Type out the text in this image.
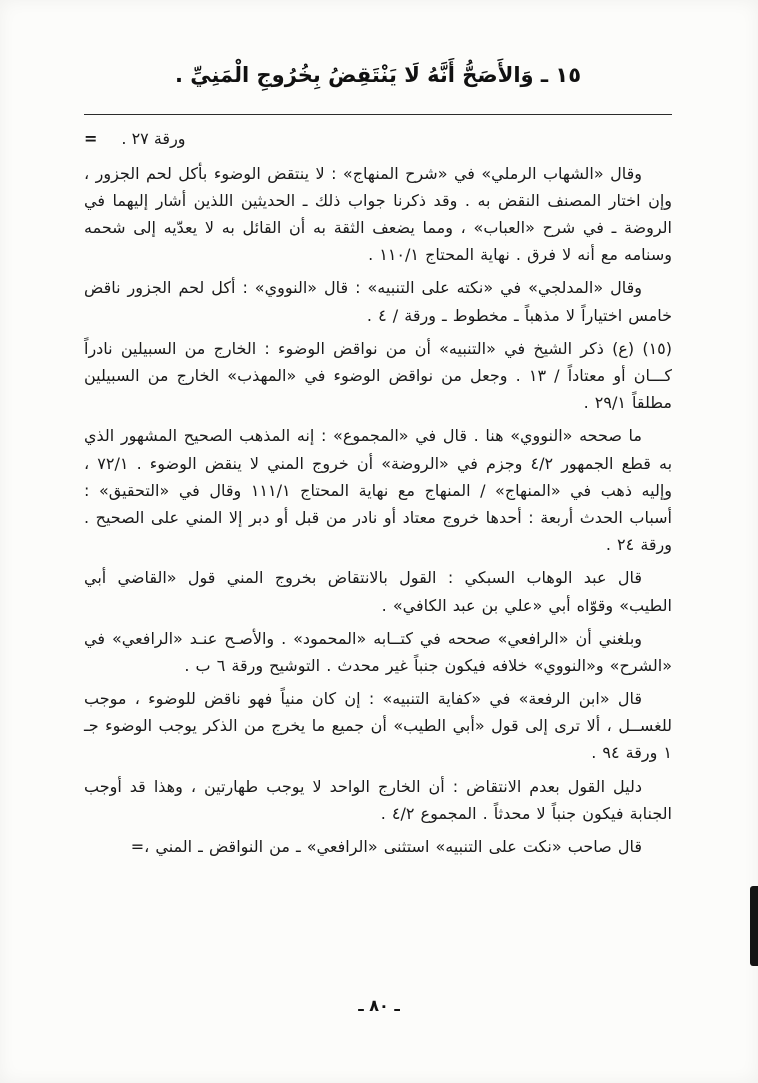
١٥ ـ وَالأَصَحُّ أَنَّهُ لَا يَنْتَقِضُ بِخُرُوجِ الْمَنِيِّ .
= ورقة ٢٧ .

وقال «الشهاب الرملي» في «شرح المنهاج» : لا ينتقض الوضوء بأكل لحم الجزور ، وإن اختار المصنف النقض به . وقد ذكرنا جواب ذلك ـ الحديثين اللذين أشار إليهما في الروضة ـ في شرح «العباب» ، ومما يضعف الثقة به أن القائل به لا يعدّيه إلى شحمه وسنامه مع أنه لا فرق . نهاية المحتاج ١١٠/١ .

وقال «المدلجي» في «نكته على التنبيه» : قال «النووي» : أكل لحم الجزور ناقض خامس اختياراً لا مذهباً ـ مخطوط ـ ورقة / ٤ .

(١٥) (ع) ذكر الشيخ في «التنبيه» أن من نواقض الوضوء : الخارج من السبيلين نادراً كـــان أو معتاداً / ١٣ . وجعل من نواقض الوضوء في «المهذب» الخارج من السبيلين مطلقاً ٢٩/١ .

ما صححه «النووي» هنا . قال في «المجموع» : إنه المذهب الصحيح المشهور الذي به قطع الجمهور ٤/٢ وجزم في «الروضة» أن خروج المني لا ينقض الوضوء . ٧٢/١ ، وإليه ذهب في «المنهاج» / المنهاج مع نهاية المحتاج ١١١/١ وقال في «التحقيق» : أسباب الحدث أربعة : أحدها خروج معتاد أو نادر من قبل أو دبر إلا المني على الصحيح . ورقة ٢٤ .

قال عبد الوهاب السبكي : القول بالانتقاض بخروج المني قول «القاضي أبي الطيب» وقوّاه أبي «علي بن عبد الكافي» .

وبلغني أن «الرافعي» صححه في كتــابه «المحمود» . والأصـح عنـد «الرافعي» في «الشرح» و«النووي» خلافه فيكون جنباً غير محدث . التوشيح ورقة ٦ ب .

قال «ابن الرفعة» في «كفاية التنبيه» : إن كان منياً فهو ناقض للوضوء ، موجب للغســل ، ألا ترى إلى قول «أبي الطيب» أن جميع ما يخرج من الذكر يوجب الوضوء جـ ١ ورقة ٩٤ .

دليل القول بعدم الانتقاض : أن الخارج الواحد لا يوجب طهارتين ، وهذا قد أوجب الجنابة فيكون جنباً لا محدثاً . المجموع ٤/٢ .

قال صاحب «نكت على التنبيه» استثنى «الرافعي» ـ من النواقض ـ المني ،=

ـ ٨٠ ـ
